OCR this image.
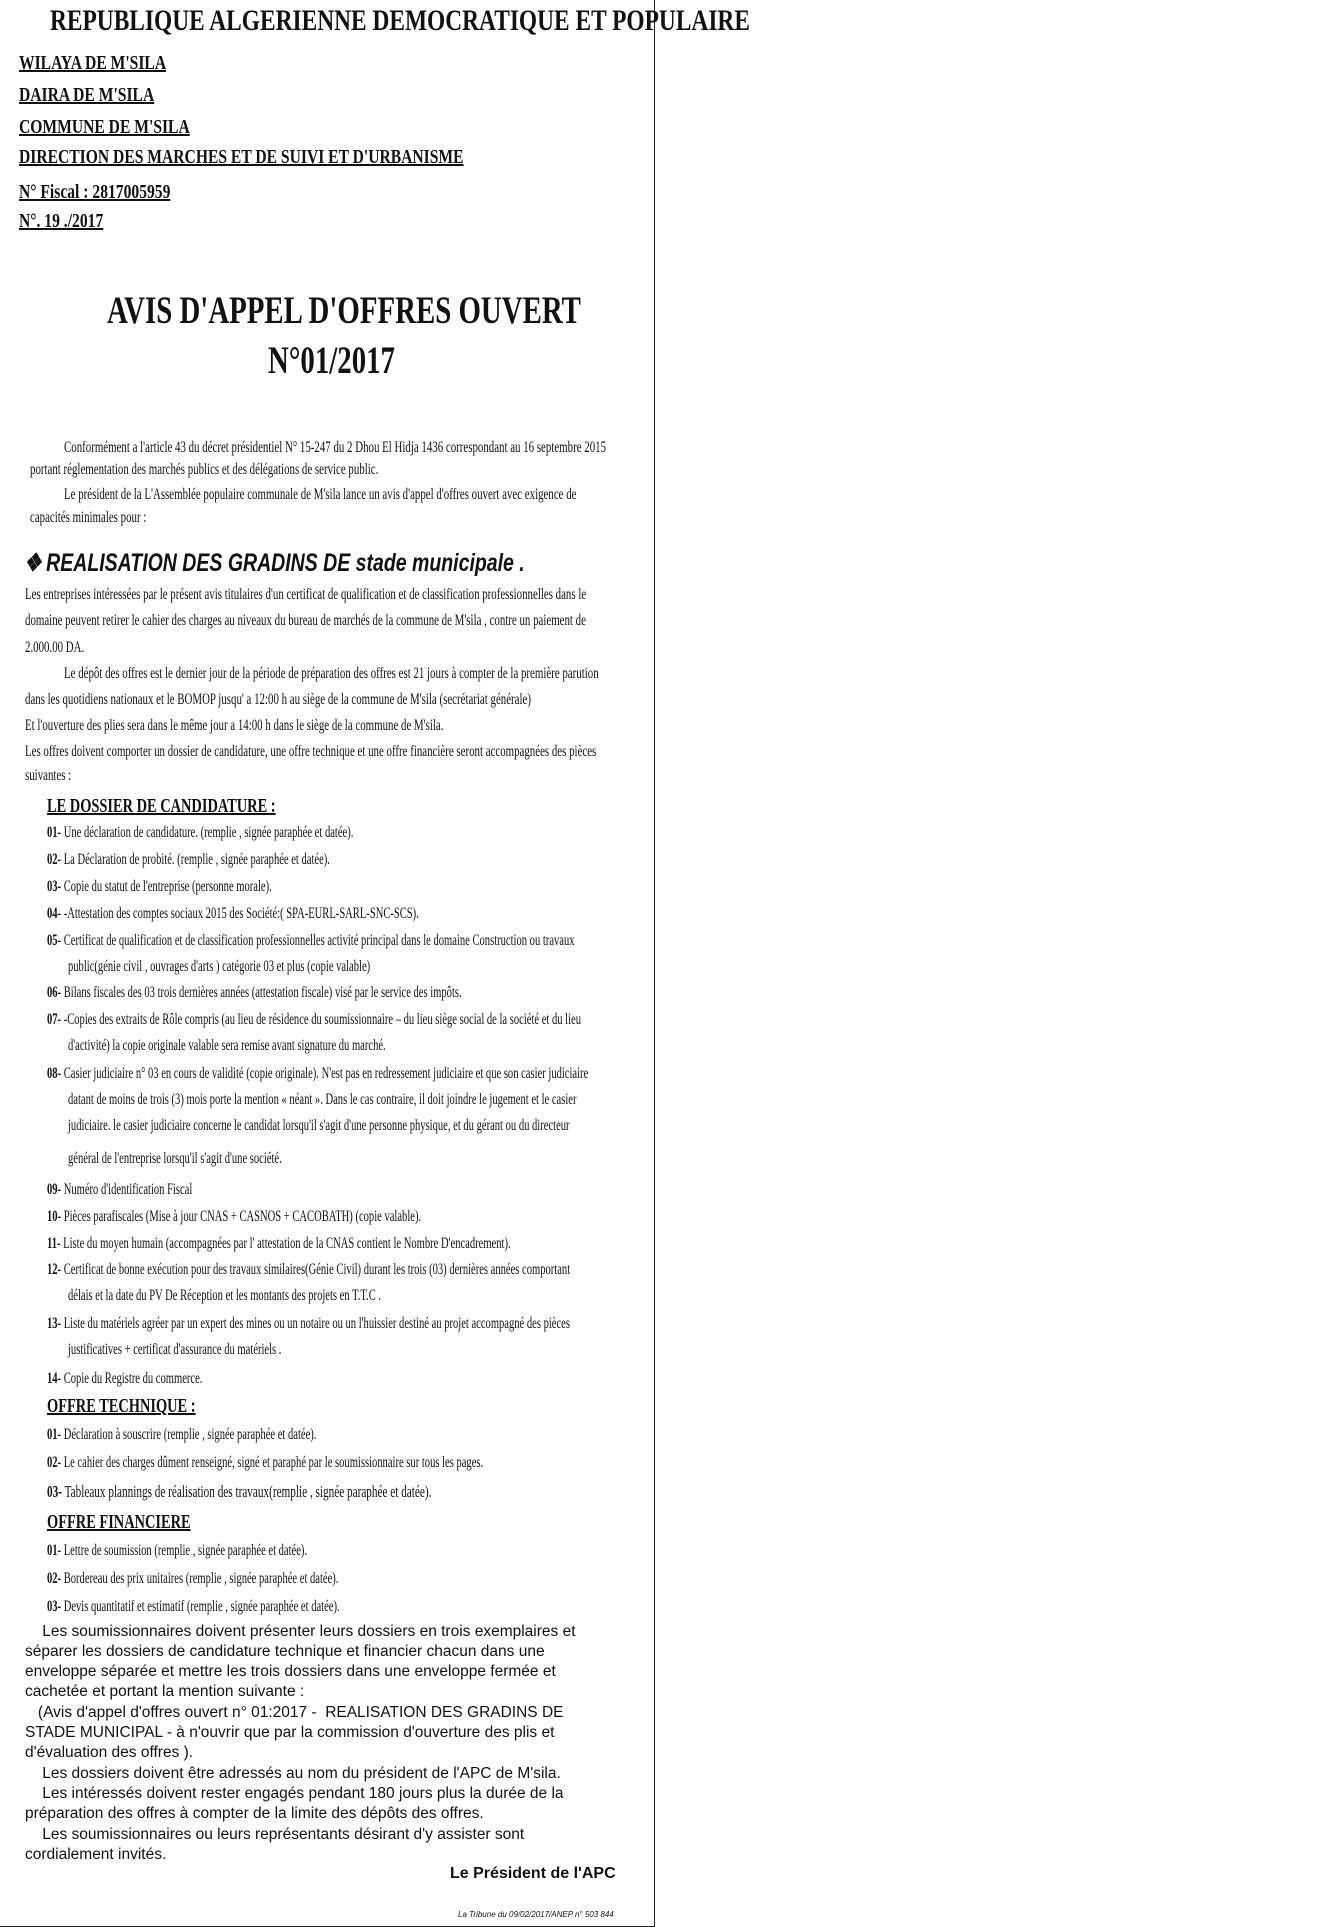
REPUBLIQUE ALGERIENNE DEMOCRATIQUE ET POPULAIRE
WILAYA DE M'SILA
DAIRA DE M'SILA
COMMUNE DE M'SILA
DIRECTION DES MARCHES ET DE SUIVI ET D'URBANISME
N° Fiscal : 2817005959
N°. 19 ./2017
AVIS D'APPEL D'OFFRES OUVERT
N°01/2017
Conformément a l'article 43 du décret présidentiel N° 15-247 du 2 Dhou El Hidja 1436 correspondant au 16 septembre 2015
portant réglementation des marchés publics et des délégations de service public.
Le président de la L'Assemblée populaire communale de M'sila lance un avis d'appel d'offres ouvert avec exigence de
capacités minimales pour :
❖ REALISATION DES GRADINS DE stade municipale .
Les entreprises intéressées par le présent avis titulaires d'un certificat de qualification et de classification professionnelles dans le
domaine peuvent retirer le cahier des charges au niveaux du bureau de marchés de la commune de M'sila , contre un paiement de
2.000.00 DA.
Le dépôt des offres est le dernier jour de la période de préparation des offres est 21 jours à compter de la première parution
dans les quotidiens nationaux et le BOMOP jusqu' a 12:00 h au siège de la commune de M'sila (secrétariat générale)
Et l'ouverture des plies sera dans le même jour a 14:00 h dans le siège de la commune de M'sila.
Les offres doivent comporter un dossier de candidature, une offre technique et une offre financière seront accompagnées des pièces
suivantes :
LE DOSSIER DE CANDIDATURE :
01- Une déclaration de candidature. (remplie , signée paraphée et datée).
02- La Déclaration de probité. (remplie , signée paraphée et datée).
03- Copie du statut de l'entreprise (personne morale).
04- -Attestation des comptes sociaux 2015 des Société:( SPA-EURL-SARL-SNC-SCS).
05- Certificat de qualification et de classification professionnelles activité principal dans le domaine Construction ou travaux
public(génie civil , ouvrages d'arts ) catégorie 03 et plus (copie valable)
06- Bilans fiscales des 03 trois dernières années (attestation fiscale) visé par le service des impôts.
07- -Copies des extraits de Rôle compris (au lieu de résidence du soumissionnaire – du lieu siège social de la société et du lieu
d'activité) la copie originale valable sera remise avant signature du marché.
08- Casier judiciaire n° 03 en cours de validité (copie originale). N'est pas en redressement judiciaire et que son casier judiciaire
datant de moins de trois (3) mois porte la mention « néant ». Dans le cas contraire, il doit joindre le jugement et le casier
judiciaire. le casier judiciaire concerne le candidat lorsqu'il s'agit d'une personne physique, et du gérant ou du directeur
général de l'entreprise lorsqu'il s'agit d'une société.
09- Numéro d'identification Fiscal
10- Pièces parafiscales (Mise à jour CNAS + CASNOS + CACOBATH) (copie valable).
11- Liste du moyen humain (accompagnées par l' attestation de la CNAS contient le Nombre D'encadrement).
12- Certificat de bonne exécution pour des travaux similaires(Génie Civil) durant les trois (03) dernières années comportant
délais et la date du PV De Réception et les montants des projets en T.T.C .
13- Liste du matériels agréer par un expert des mines ou un notaire ou un l'huissier destiné au projet accompagné des pièces
justificatives + certificat d'assurance du matériels .
14- Copie du Registre du commerce.
OFFRE TECHNIQUE :
01- Déclaration à souscrire (remplie , signée paraphée et datée).
02- Le cahier des charges dûment renseigné, signé et paraphé par le soumissionnaire sur tous les pages.
03- Tableaux plannings de réalisation des travaux(remplie , signée paraphée et datée).
OFFRE FINANCIERE
01- Lettre de soumission (remplie , signée paraphée et datée).
02- Bordereau des prix unitaires (remplie , signée paraphée et datée).
03- Devis quantitatif et estimatif (remplie , signée paraphée et datée).
Les soumissionnaires doivent présenter leurs dossiers en trois exemplaires et
séparer les dossiers de candidature technique et financier chacun dans une
enveloppe séparée et mettre les trois dossiers dans une enveloppe fermée et
cachetée et portant la mention suivante :
(Avis d'appel d'offres ouvert n° 01:2017 -  REALISATION DES GRADINS DE
STADE MUNICIPAL - à n'ouvrir que par la commission d'ouverture des plis et
d'évaluation des offres ).
Les dossiers doivent être adressés au nom du président de l'APC de M'sila.
Les intéressés doivent rester engagés pendant 180 jours plus la durée de la
préparation des offres à compter de la limite des dépôts des offres.
Les soumissionnaires ou leurs représentants désirant d'y assister sont
cordialement invités.
Le Président de l'APC
La Tribune du 09/02/2017/ANEP n° 503 844
